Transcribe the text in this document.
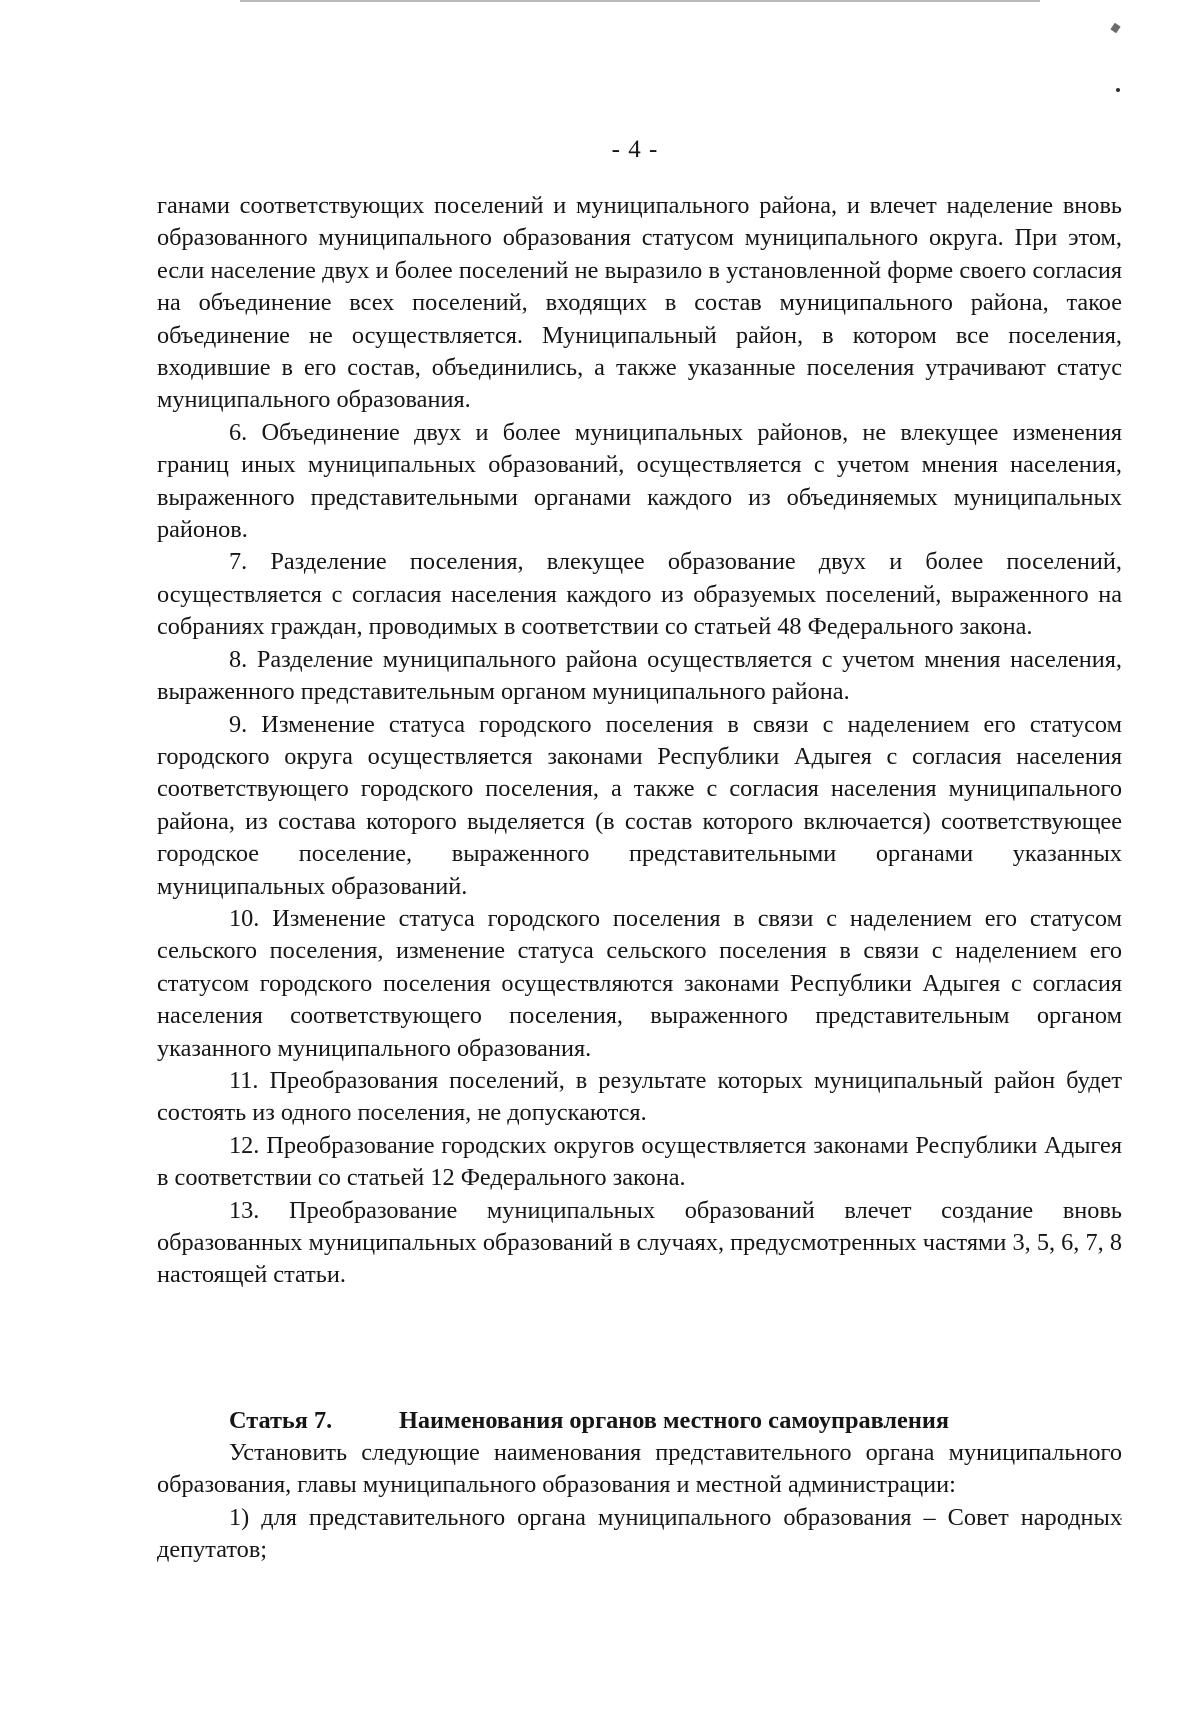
- 4 -

ганами соответствующих поселений и муниципального района, и влечет наделение вновь образованного муниципального образования статусом муниципального округа. При этом, если население двух и более поселений не выразило в установленной форме своего согласия на объединение всех поселений, входящих в состав муниципального района, такое объединение не осуществляется. Муниципальный район, в котором все поселения, входившие в его состав, объединились, а также указанные поселения утрачивают статус муниципального образования.

6. Объединение двух и более муниципальных районов, не влекущее изменения границ иных муниципальных образований, осуществляется с учетом мнения населения, выраженного представительными органами каждого из объединяемых муниципальных районов.

7. Разделение поселения, влекущее образование двух и более поселений, осуществляется с согласия населения каждого из образуемых поселений, выраженного на собраниях граждан, проводимых в соответствии со статьей 48 Федерального закона.

8. Разделение муниципального района осуществляется с учетом мнения населения, выраженного представительным органом муниципального района.

9. Изменение статуса городского поселения в связи с наделением его статусом городского округа осуществляется законами Республики Адыгея с согласия населения соответствующего городского поселения, а также с согласия населения муниципального района, из состава которого выделяется (в состав которого включается) соответствующее городское поселение, выраженного представительными органами указанных муниципальных образований.

10. Изменение статуса городского поселения в связи с наделением его статусом сельского поселения, изменение статуса сельского поселения в связи с наделением его статусом городского поселения осуществляются законами Республики Адыгея с согласия населения соответствующего поселения, выраженного представительным органом указанного муниципального образования.

11. Преобразования поселений, в результате которых муниципальный район будет состоять из одного поселения, не допускаются.

12. Преобразование городских округов осуществляется законами Республики Адыгея в соответствии со статьей 12 Федерального закона.

13. Преобразование муниципальных образований влечет создание вновь образованных муниципальных образований в случаях, предусмотренных частями 3, 5, 6, 7, 8 настоящей статьи.

Статья 7.	Наименования органов местного самоуправления

Установить следующие наименования представительного органа муниципального образования, главы муниципального образования и местной администрации:

1) для представительного органа муниципального образования – Совет народных депутатов;
